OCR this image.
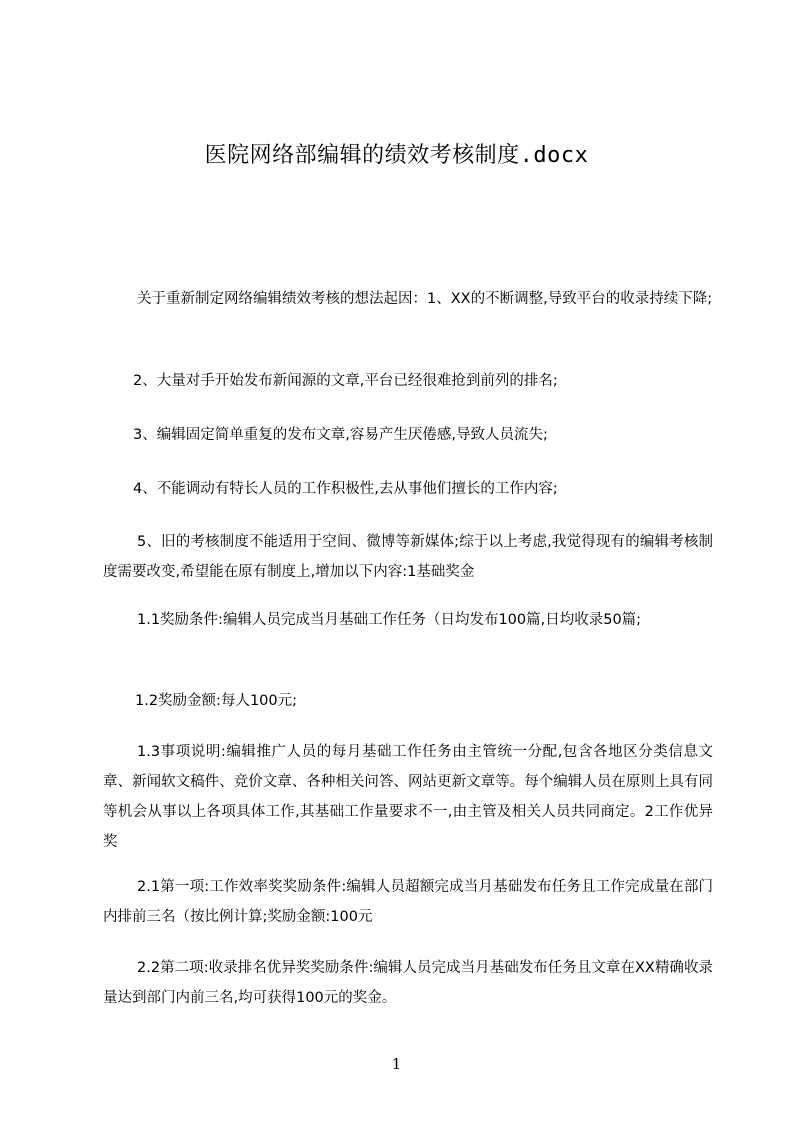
医院网络部编辑的绩效考核制度.docx

关于重新制定网络编辑绩效考核的想法起因：1、XX的不断调整,导致平台的收录持续下降;

2、大量对手开始发布新闻源的文章,平台已经很难抢到前列的排名;

3、编辑固定简单重复的发布文章,容易产生厌倦感,导致人员流失;

4、不能调动有特长人员的工作积极性,去从事他们擅长的工作内容;

5、旧的考核制度不能适用于空间、微博等新媒体;综于以上考虑,我觉得现有的编辑考核制度需要改变,希望能在原有制度上,增加以下内容:1基础奖金

1.1奖励条件:编辑人员完成当月基础工作任务（日均发布100篇,日均收录50篇;

1.2奖励金额:每人100元;

1.3事项说明:编辑推广人员的每月基础工作任务由主管统一分配,包含各地区分类信息文章、新闻软文稿件、竞价文章、各种相关问答、网站更新文章等。每个编辑人员在原则上具有同等机会从事以上各项具体工作,其基础工作量要求不一,由主管及相关人员共同商定。2工作优异奖

2.1第一项:工作效率奖奖励条件:编辑人员超额完成当月基础发布任务且工作完成量在部门内排前三名（按比例计算;奖励金额:100元

2.2第二项:收录排名优异奖奖励条件:编辑人员完成当月基础发布任务且文章在XX精确收录量达到部门内前三名,均可获得100元的奖金。

1
